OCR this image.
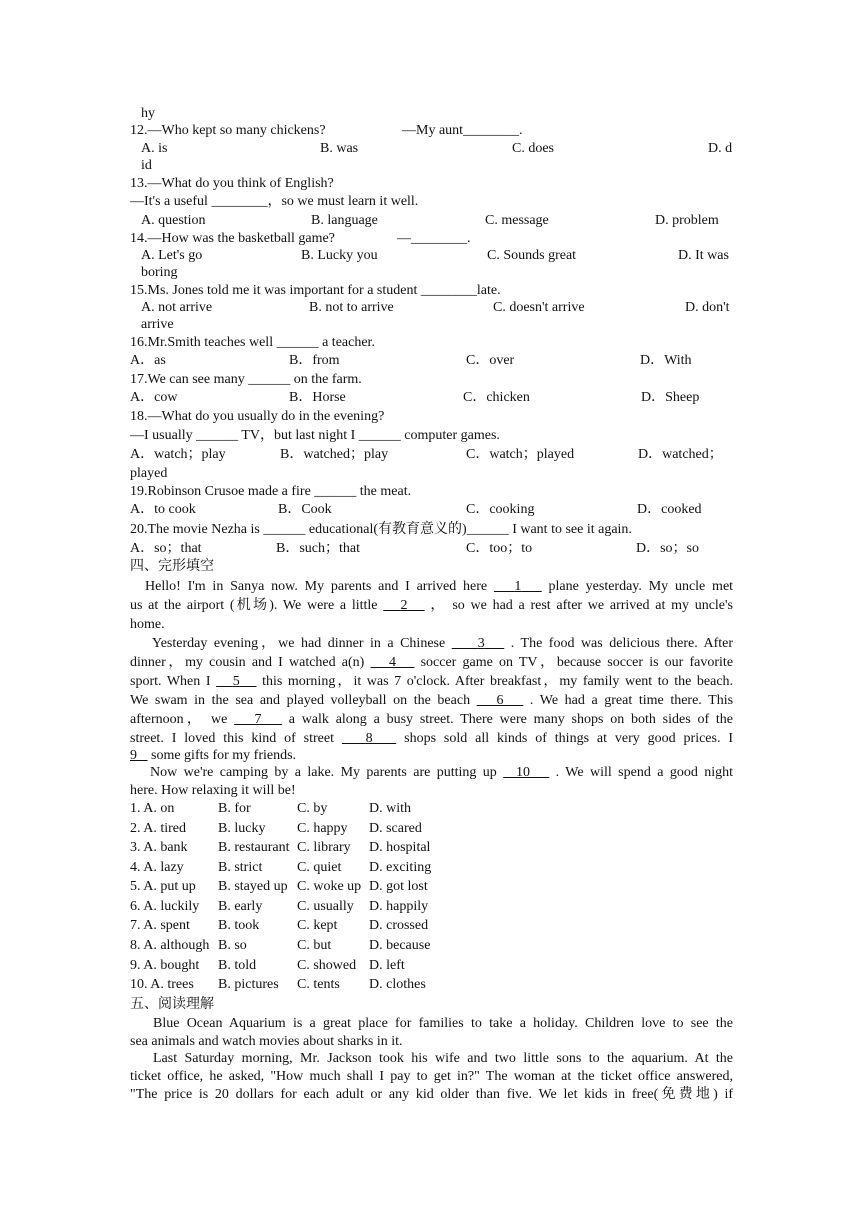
hy
12.—Who kept so many chickens?	—My aunt________.
A. is	B. was	C. does	D. d
id
13.—What do you think of English?
—It's a useful ________，so we must learn it well.
A. question	B. language	C. message	D. problem
14.—How was the basketball game?	—________.
A. Let's go	B. Lucky you	C. Sounds great	D. It was
boring
15.Ms. Jones told me it was important for a student ________late.
A. not arrive	B. not to arrive	C. doesn't arrive	D. don't
arrive
16.Mr.Smith teaches well ______ a teacher.
A．as	B．from	C．over	D．With
17.We can see many ______ on the farm.
A．cow	B．Horse	C．chicken	D．Sheep
18.—What do you usually do in the evening?
—I usually ______ TV，but last night I ______ computer games.
A．watch；play	B．watched；play	C．watch；played	D．watched；
played
19.Robinson Crusoe made a fire ______ the meat.
A．to cook	B．Cook	C．cooking	D．cooked
20.The movie Nezha is ______ educational(有教育意义的)______ I want to see it again.
A．so；that	B．such；that	C．too；to	D．so；so
四、完形填空
Hello! I'm in Sanya now. My parents and I arrived here 1 plane yesterday. My uncle met
us at the airport (机场). We were a little 2 ， so we had a rest after we arrived at my uncle's
home.
Yesterday evening，we had dinner in a Chinese 3 . The food was delicious there. After
dinner，my cousin and I watched a(n) 4 soccer game on TV，because soccer is our favorite
sport. When I 5 this morning，it was 7 o'clock. After breakfast，my family went to the beach.
We swam in the sea and played volleyball on the beach 6 . We had a great time there. This
afternoon， we 7 a walk along a busy street. There were many shops on both sides of the
street. I loved this kind of street 8 shops sold all kinds of things at very good prices. I
9 some gifts for my friends.
Now we're camping by a lake. My parents are putting up 10 . We will spend a good night
here. How relaxing it will be!
1. A. on	B. for	C. by	D. with
2. A. tired B. lucky C. happy D. scared
3. A. bank B. restaurant C. library D. hospital
4. A. lazy B. strict C. quiet D. exciting
5. A. put up B. stayed up C. woke up D. got lost
6. A. luckily B. early C. usually D. happily
7. A. spent B. took	C. kept D. crossed
8. A. although B. so	C. but	D. because
9. A. bought B. told	C. showed D. left
10. A. trees B. pictures C. tents D. clothes
五、阅读理解
Blue Ocean Aquarium is a great place for families to take a holiday. Children love to see the
sea animals and watch movies about sharks in it.
Last Saturday morning, Mr. Jackson took his wife and two little sons to the aquarium. At the
ticket office, he asked, "How much shall I pay to get in?" The woman at the ticket office answered,
"The price is 20 dollars for each adult or any kid older than five. We let kids in free(免费地) if
